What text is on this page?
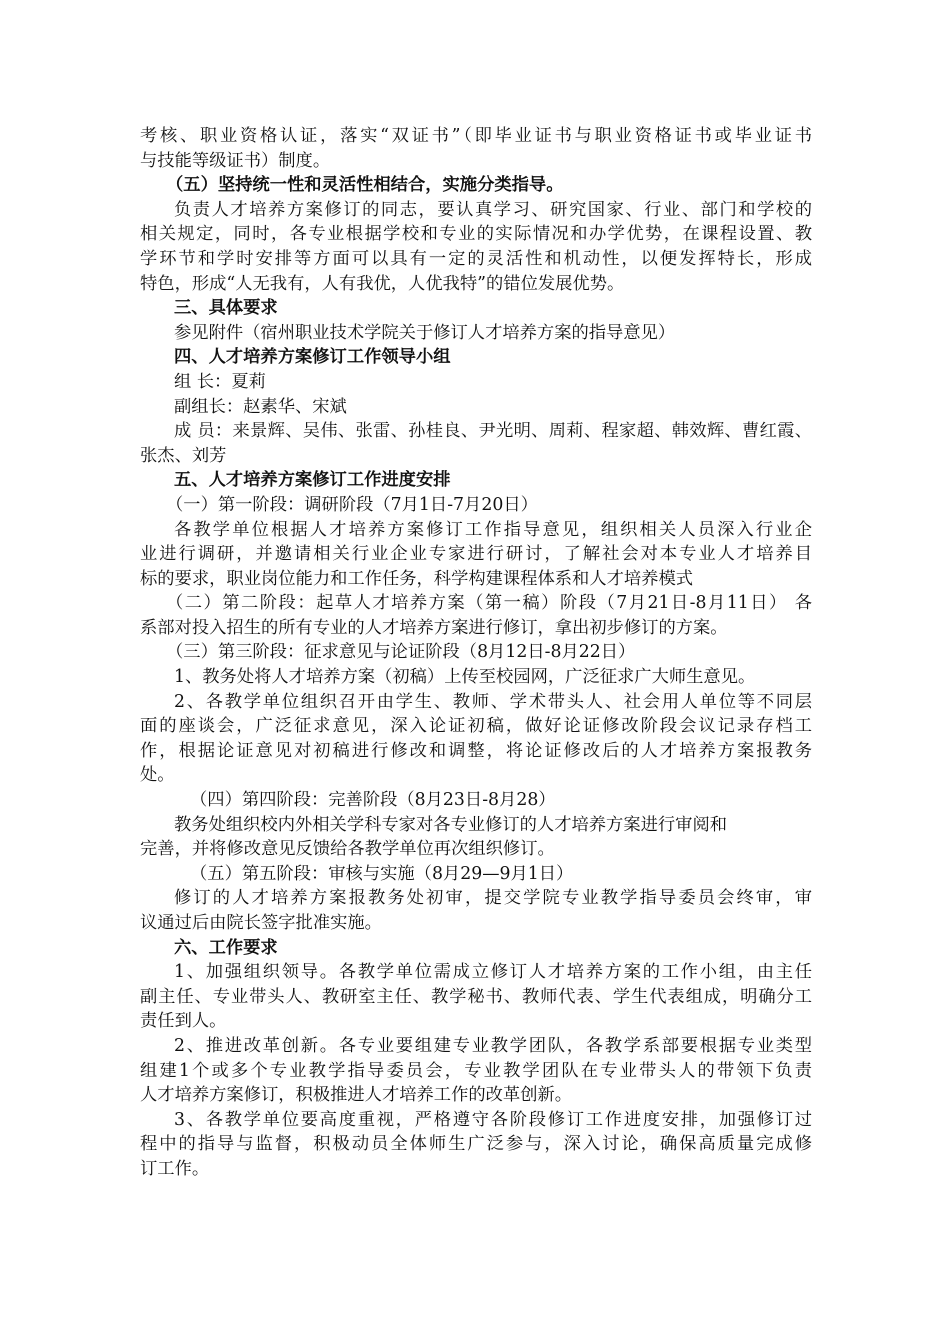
考核、职业资格认证，落实“双证书”（即毕业证书与职业资格证书或毕业证书
与技能等级证书）制度。
（五）坚持统一性和灵活性相结合，实施分类指导。
负责人才培养方案修订的同志，要认真学习、研究国家、行业、部门和学校的
相关规定，同时，各专业根据学校和专业的实际情况和办学优势，在课程设置、教
学环节和学时安排等方面可以具有一定的灵活性和机动性，以便发挥特长，形成
特色，形成“人无我有，人有我优，人优我特”的错位发展优势。
三、具体要求
参见附件（宿州职业技术学院关于修订人才培养方案的指导意见）
四、人才培养方案修订工作领导小组
组 长：夏莉
副组长：赵素华、宋斌
成 员：来景辉、吴伟、张雷、孙桂良、尹光明、周莉、程家超、韩效辉、曹红霞、
张杰、刘芳
五、人才培养方案修订工作进度安排
（一）第一阶段：调研阶段（7月1日-7月20日）
各教学单位根据人才培养方案修订工作指导意见，组织相关人员深入行业企
业进行调研，并邀请相关行业企业专家进行研讨，了解社会对本专业人才培养目
标的要求，职业岗位能力和工作任务，科学构建课程体系和人才培养模式
（二）第二阶段：起草人才培养方案（第一稿）阶段（7月21日-8月11日） 各
系部对投入招生的所有专业的人才培养方案进行修订，拿出初步修订的方案。
（三）第三阶段：征求意见与论证阶段（8月12日-8月22日）
1、教务处将人才培养方案（初稿）上传至校园网，广泛征求广大师生意见。
2、各教学单位组织召开由学生、教师、学术带头人、社会用人单位等不同层
面的座谈会，广泛征求意见，深入论证初稿，做好论证修改阶段会议记录存档工
作，根据论证意见对初稿进行修改和调整，将论证修改后的人才培养方案报教务
处。
（四）第四阶段：完善阶段（8月23日-8月28）
教务处组织校内外相关学科专家对各专业修订的人才培养方案进行审阅和
完善，并将修改意见反馈给各教学单位再次组织修订。
（五）第五阶段：审核与实施（8月29—9月1日）
修订的人才培养方案报教务处初审，提交学院专业教学指导委员会终审，审
议通过后由院长签字批准实施。
六、工作要求
1、加强组织领导。各教学单位需成立修订人才培养方案的工作小组，由主任
副主任、专业带头人、教研室主任、教学秘书、教师代表、学生代表组成，明确分工
责任到人。
2、推进改革创新。各专业要组建专业教学团队，各教学系部要根据专业类型
组建1个或多个专业教学指导委员会，专业教学团队在专业带头人的带领下负责
人才培养方案修订，积极推进人才培养工作的改革创新。
3、各教学单位要高度重视，严格遵守各阶段修订工作进度安排，加强修订过
程中的指导与监督，积极动员全体师生广泛参与，深入讨论，确保高质量完成修
订工作。
